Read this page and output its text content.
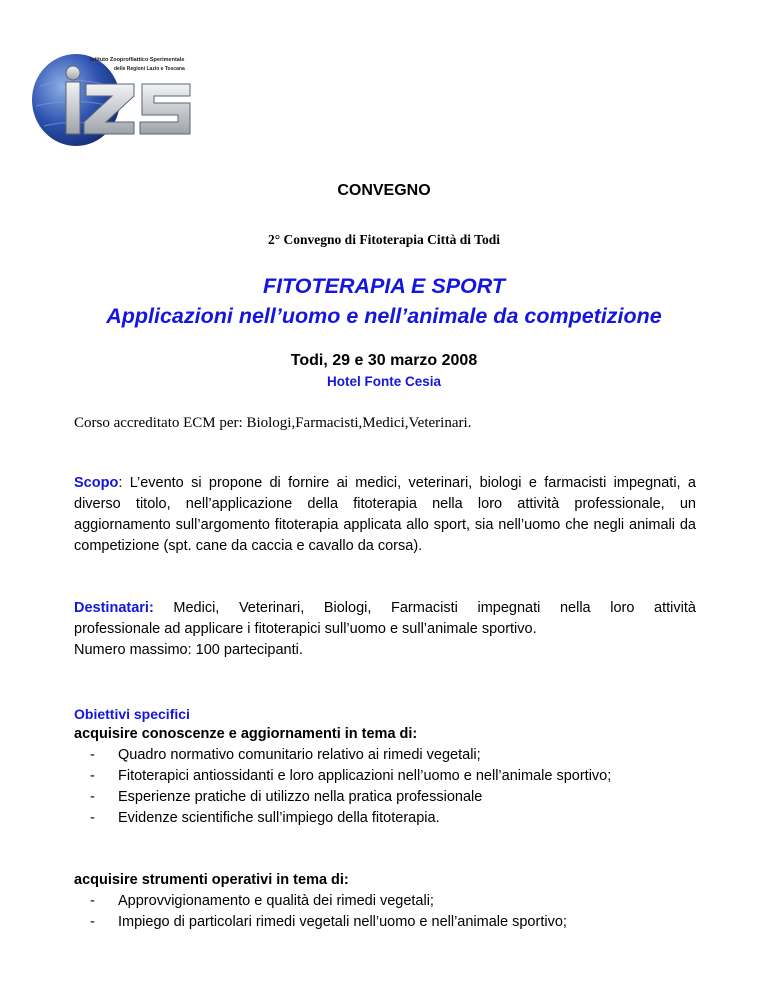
Istituto Zooprofilattico Sperimentale
delle Regioni Lazio e Toscana
CONVEGNO
2° Convegno di Fitoterapia Città di Todi
FITOTERAPIA E SPORT
Applicazioni nell’uomo e nell’animale da competizione
Todi, 29 e 30 marzo 2008
Hotel Fonte Cesia
Corso accreditato ECM per: Biologi,Farmacisti,Medici,Veterinari.
Scopo: L’evento si propone di fornire ai medici, veterinari, biologi e farmacisti impegnati, a diverso titolo, nell’applicazione della fitoterapia nella loro attività professionale, un aggiornamento sull’argomento fitoterapia applicata allo sport, sia nell’uomo che negli animali da competizione (spt. cane da caccia e cavallo da corsa).
Destinatari: Medici, Veterinari, Biologi, Farmacisti impegnati nella loro attività
professionale ad applicare i fitoterapici sull’uomo e sull’animale sportivo.
Numero massimo: 100 partecipanti.
Obiettivi specifici
acquisire conoscenze e aggiornamenti in tema di:
- Quadro normativo comunitario relativo ai rimedi vegetali;
- Fitoterapici antiossidanti e loro applicazioni nell’uomo e nell’animale sportivo;
- Esperienze pratiche di utilizzo nella pratica professionale
- Evidenze scientifiche sull’impiego della fitoterapia.
acquisire strumenti operativi in tema di:
- Approvvigionamento e qualità dei rimedi vegetali;
- Impiego di particolari rimedi vegetali nell’uomo e nell’animale sportivo;
